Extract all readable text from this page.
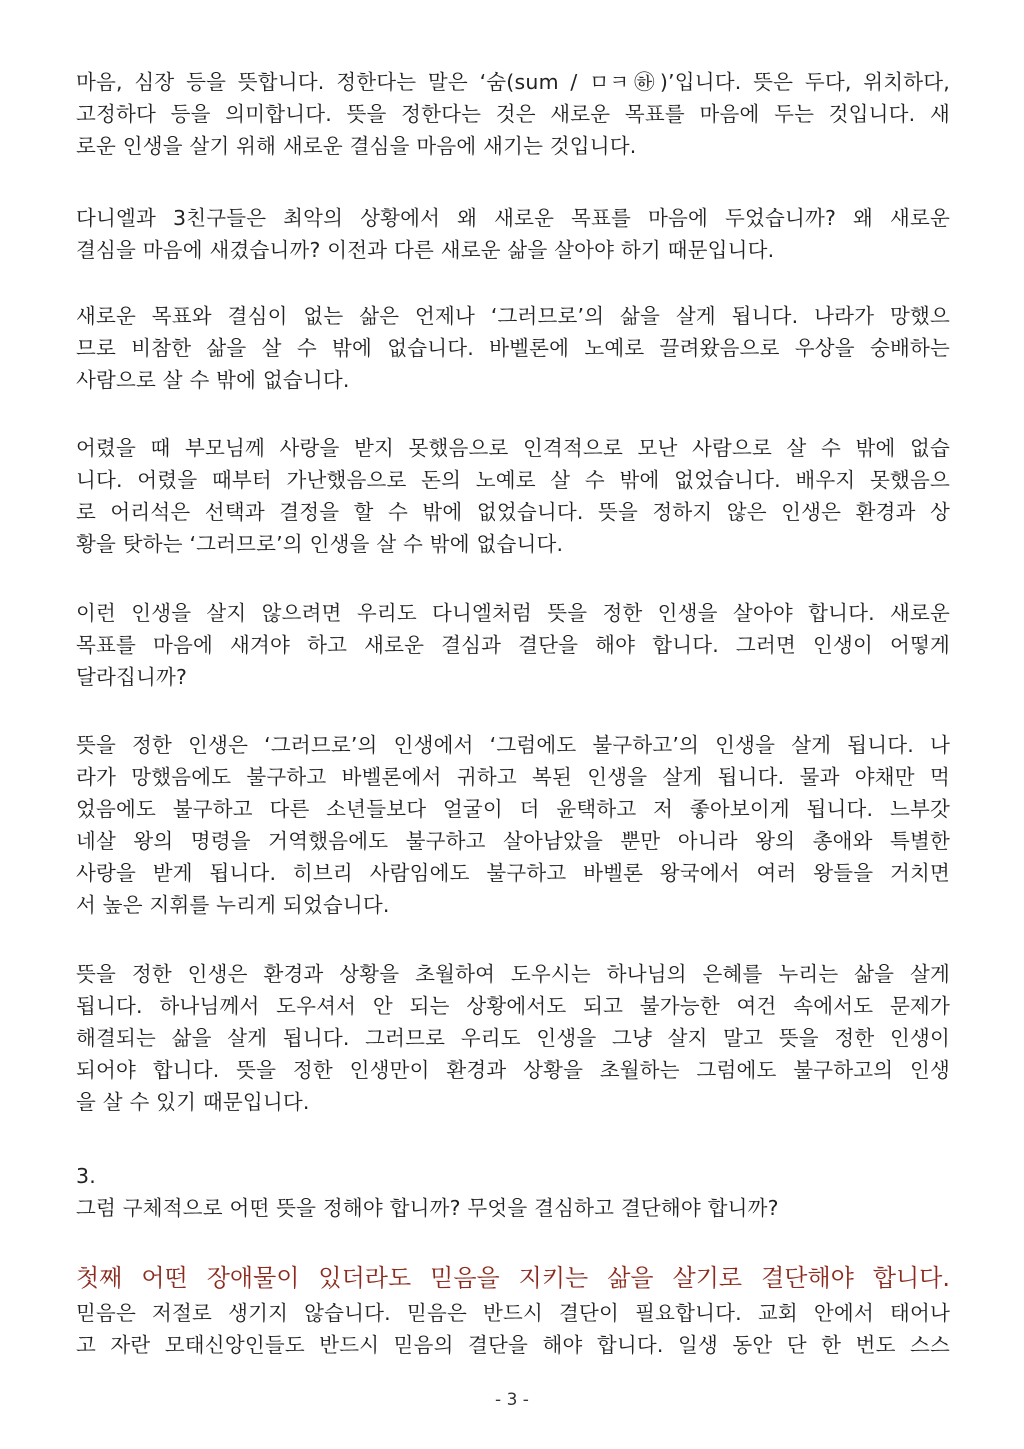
마음, 심장 등을 뜻합니다. 정한다는 말은 ‘숨(sum / ㅁㅋ㉻)’입니다. 뜻은 두다, 위치하다,
고정하다 등을 의미합니다. 뜻을 정한다는 것은 새로운 목표를 마음에 두는 것입니다. 새
로운 인생을 살기 위해 새로운 결심을 마음에 새기는 것입니다.
다니엘과 3친구들은 최악의 상황에서 왜 새로운 목표를 마음에 두었습니까? 왜 새로운
결심을 마음에 새겼습니까? 이전과 다른 새로운 삶을 살아야 하기 때문입니다.
새로운 목표와 결심이 없는 삶은 언제나 ‘그러므로’의 삶을 살게 됩니다. 나라가 망했으
므로 비참한 삶을 살 수 밖에 없습니다. 바벨론에 노예로 끌려왔음으로 우상을 숭배하는
사람으로 살 수 밖에 없습니다.
어렸을 때 부모님께 사랑을 받지 못했음으로 인격적으로 모난 사람으로 살 수 밖에 없습
니다. 어렸을 때부터 가난했음으로 돈의 노예로 살 수 밖에 없었습니다. 배우지 못했음으
로 어리석은 선택과 결정을 할 수 밖에 없었습니다. 뜻을 정하지 않은 인생은 환경과 상
황을 탓하는 ‘그러므로’의 인생을 살 수 밖에 없습니다.
이런 인생을 살지 않으려면 우리도 다니엘처럼 뜻을 정한 인생을 살아야 합니다. 새로운
목표를 마음에 새겨야 하고 새로운 결심과 결단을 해야 합니다. 그러면 인생이 어떻게
달라집니까?
뜻을 정한 인생은 ‘그러므로’의 인생에서 ‘그럼에도 불구하고’의 인생을 살게 됩니다. 나
라가 망했음에도 불구하고 바벨론에서 귀하고 복된 인생을 살게 됩니다. 물과 야채만 먹
었음에도 불구하고 다른 소년들보다 얼굴이 더 윤택하고 저 좋아보이게 됩니다. 느부갓
네살 왕의 명령을 거역했음에도 불구하고 살아남았을 뿐만 아니라 왕의 총애와 특별한
사랑을 받게 됩니다. 히브리 사람임에도 불구하고 바벨론 왕국에서 여러 왕들을 거치면
서 높은 지휘를 누리게 되었습니다.
뜻을 정한 인생은 환경과 상황을 초월하여 도우시는 하나님의 은혜를 누리는 삶을 살게
됩니다. 하나님께서 도우셔서 안 되는 상황에서도 되고 불가능한 여건 속에서도 문제가
해결되는 삶을 살게 됩니다. 그러므로 우리도 인생을 그냥 살지 말고 뜻을 정한 인생이
되어야 합니다. 뜻을 정한 인생만이 환경과 상황을 초월하는 그럼에도 불구하고의 인생
을 살 수 있기 때문입니다.
3.
그럼 구체적으로 어떤 뜻을 정해야 합니까? 무엇을 결심하고 결단해야 합니까?
첫째 어떤 장애물이 있더라도 믿음을 지키는 삶을 살기로 결단해야 합니다.
믿음은 저절로 생기지 않습니다. 믿음은 반드시 결단이 필요합니다. 교회 안에서 태어나
고 자란 모태신앙인들도 반드시 믿음의 결단을 해야 합니다. 일생 동안 단 한 번도 스스
- 3 -
